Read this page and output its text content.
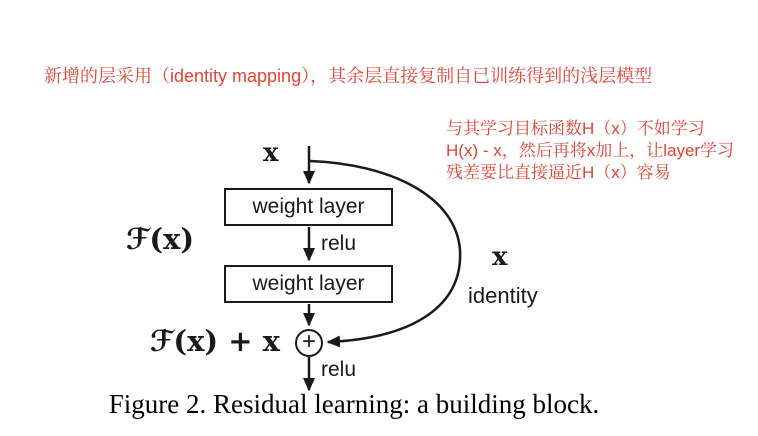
新增的层采用（identity mapping），其余层直接复制自已训练得到的浅层模型
与其学习目标函数H（x）不如学习
H(x) - x，然后再将x加上，让layer学习
残差要比直接逼近H（x）容易
weight layer
weight layer
+
x
ℱ(x)	relu
ℱ(x) + x
x
identity
relu
Figure 2. Residual learning: a building block.
